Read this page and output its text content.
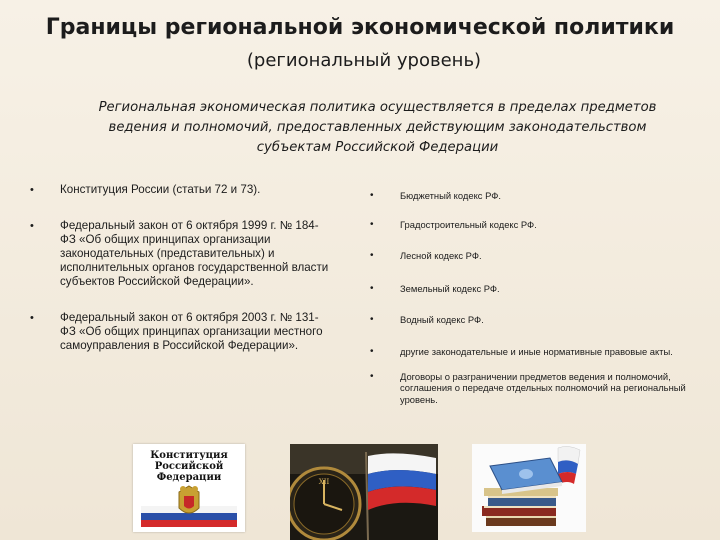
Границы региональной экономической политики
(региональный уровень)
Региональная экономическая политика осуществляется в пределах предметов ведения и полномочий, предоставленных действующим законодательством субъектам Российской Федерации
• Конституция России (статьи 72 и 73).
• Федеральный закон от 6 октября 1999 г. № 184-ФЗ «Об общих принципах организации законодательных (представительных) и исполнительных органов государственной власти субъектов Российской Федерации».
• Федеральный закон от 6 октября 2003 г. № 131-ФЗ «Об общих принципах организации местного самоуправления в Российской Федерации».
•	Бюджетный кодекс РФ.
•	Градостроительный кодекс РФ.
•	Лесной кодекс РФ.
•	Земельный кодекс РФ.
•	Водный кодекс РФ.
•	другие законодательные и иные нормативные правовые акты.
•	Договоры о разграничении предметов ведения и полномочий, соглашения о передаче отдельных полномочий на региональный уровень.
Конституция
Российской
Федерации	XII
